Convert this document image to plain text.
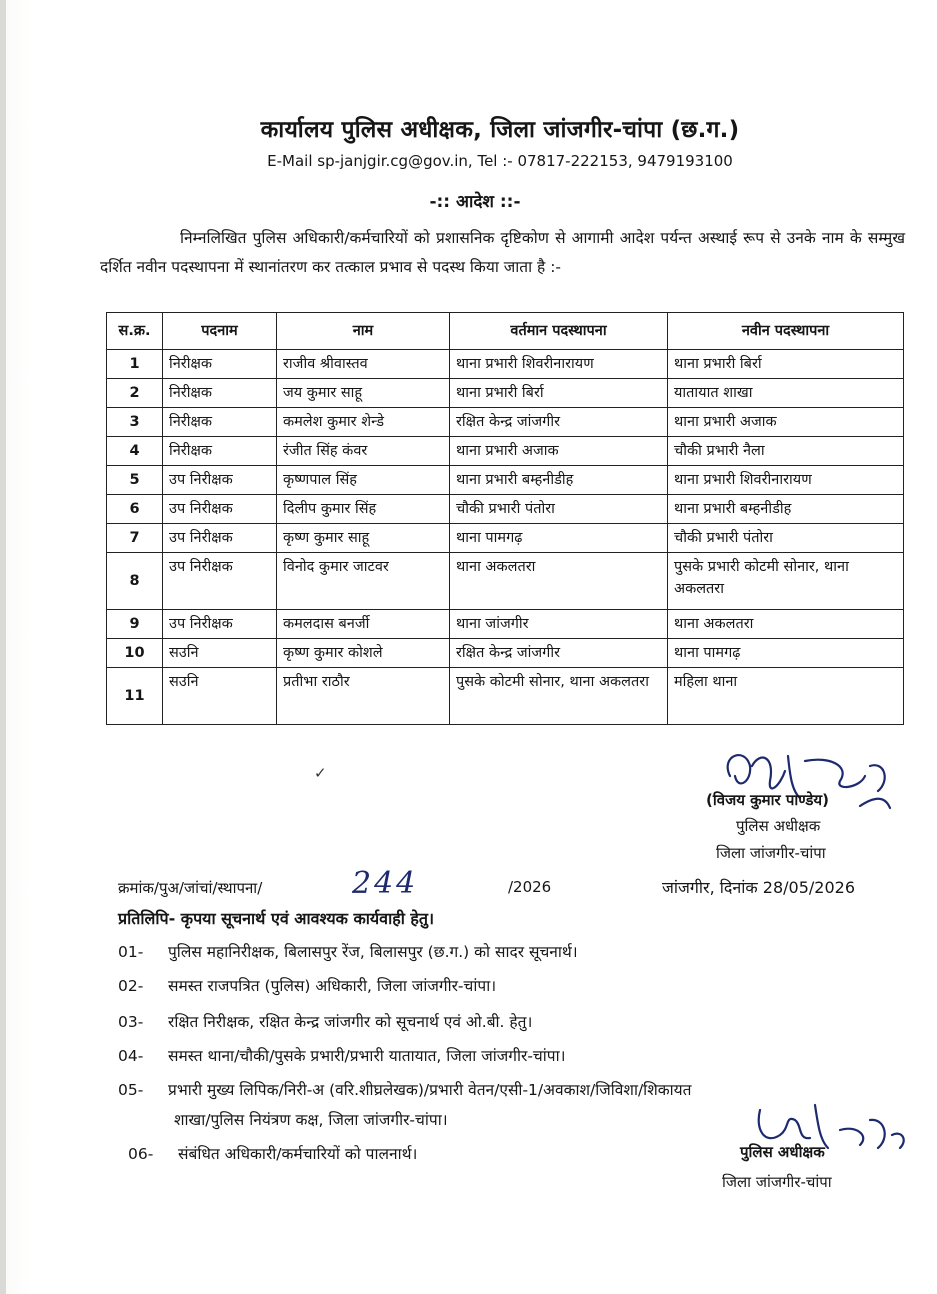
कार्यालय पुलिस अधीक्षक, जिला जांजगीर-चांपा (छ.ग.)
E-Mail sp-janjgir.cg@gov.in, Tel :- 07817-222153, 9479193100
-:: आदेश ::-
निम्नलिखित पुलिस अधिकारी/कर्मचारियों को प्रशासनिक दृष्टिकोण से आगामी आदेश पर्यन्त अस्थाई रूप से उनके नाम के सम्मुख दर्शित नवीन पदस्थापना में स्थानांतरण कर तत्काल प्रभाव से पदस्थ किया जाता है :-
स.क्र.	पदनाम	नाम	वर्तमान पदस्थापना	नवीन पदस्थापना
1	निरीक्षक	राजीव श्रीवास्तव	थाना प्रभारी शिवरीनारायण	थाना प्रभारी बिर्रा
2	निरीक्षक	जय कुमार साहू	थाना प्रभारी बिर्रा	यातायात शाखा
3	निरीक्षक	कमलेश कुमार शेन्डे	रक्षित केन्द्र जांजगीर	थाना प्रभारी अजाक
4	निरीक्षक	रंजीत सिंह कंवर	थाना प्रभारी अजाक	चौकी प्रभारी नैला
5	उप निरीक्षक	कृष्णपाल सिंह	थाना प्रभारी बम्हनीडीह	थाना प्रभारी शिवरीनारायण
6	उप निरीक्षक	दिलीप कुमार सिंह	चौकी प्रभारी पंतोरा	थाना प्रभारी बम्हनीडीह
7	उप निरीक्षक	कृष्ण कुमार साहू	थाना पामगढ़	चौकी प्रभारी पंतोरा
8	उप निरीक्षक	विनोद कुमार जाटवर	थाना अकलतरा	पुसके प्रभारी कोटमी सोनार, थाना अकलतरा
9	उप निरीक्षक	कमलदास बनर्जी	थाना जांजगीर	थाना अकलतरा
10	सउनि	कृष्ण कुमार कोशले	रक्षित केन्द्र जांजगीर	थाना पामगढ़
11	सउनि	प्रतीभा राठौर	पुसके कोटमी सोनार, थाना अकलतरा	महिला थाना
✓
(विजय कुमार पाण्डेय)
पुलिस अधीक्षक
जिला जांजगीर-चांपा
क्रमांक/पुअ/जांचां/स्थापना/	244	/2026	जांजगीर, दिनांक 28/05/2026
प्रतिलिपि- कृपया सूचनार्थ एवं आवश्यक कार्यवाही हेतु।
01- पुलिस महानिरीक्षक, बिलासपुर रेंज, बिलासपुर (छ.ग.) को सादर सूचनार्थ।
02- समस्त राजपत्रित (पुलिस) अधिकारी, जिला जांजगीर-चांपा।
03- रक्षित निरीक्षक, रक्षित केन्द्र जांजगीर को सूचनार्थ एवं ओ.बी. हेतु।
04- समस्त थाना/चौकी/पुसके प्रभारी/प्रभारी यातायात, जिला जांजगीर-चांपा।
05- प्रभारी मुख्य लिपिक/निरी-अ (वरि.शीघ्रलेखक)/प्रभारी वेतन/एसी-1/अवकाश/जिविशा/शिकायत
शाखा/पुलिस नियंत्रण कक्ष, जिला जांजगीर-चांपा।
06- संबंधित अधिकारी/कर्मचारियों को पालनार्थ।	पुलिस अधीक्षक
जिला जांजगीर-चांपा
